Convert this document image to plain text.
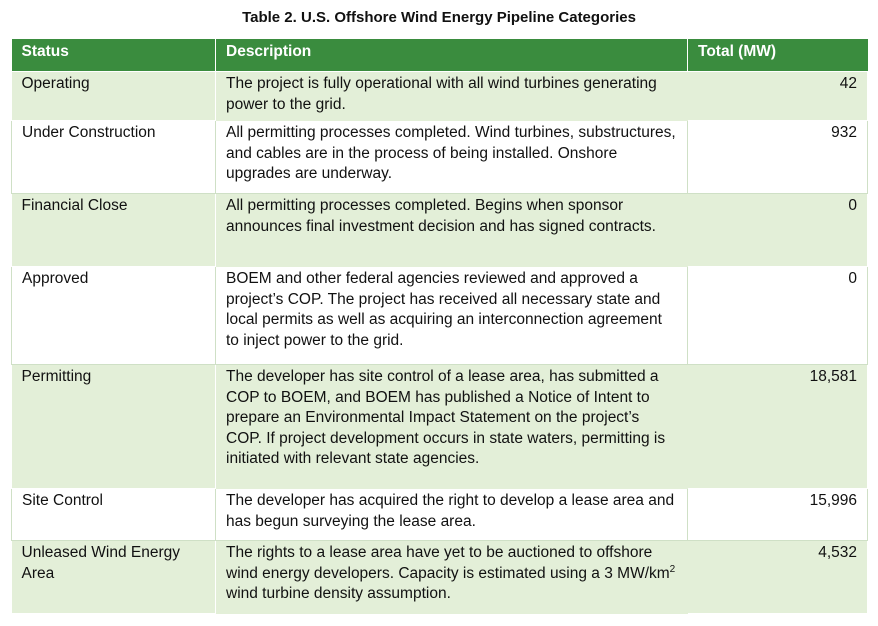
Table 2. U.S. Offshore Wind Energy Pipeline Categories
Status	Description	Total (MW)
Operating	The project is fully operational with all wind turbines generating power to the grid.	42
Under Construction	All permitting processes completed. Wind turbines, substructures, and cables are in the process of being installed. Onshore upgrades are underway.	932
Financial Close	All permitting processes completed. Begins when sponsor announces final investment decision and has signed contracts.	0
Approved	BOEM and other federal agencies reviewed and approved a project’s COP. The project has received all necessary state and local permits as well as acquiring an interconnection agreement to inject power to the grid.	0
Permitting	The developer has site control of a lease area, has submitted a COP to BOEM, and BOEM has published a Notice of Intent to prepare an Environmental Impact Statement on the project’s COP. If project development occurs in state waters, permitting is initiated with relevant state agencies.	18,581
Site Control	The developer has acquired the right to develop a lease area and has begun surveying the lease area.	15,996
Unleased Wind Energy Area	The rights to a lease area have yet to be auctioned to offshore wind energy developers. Capacity is estimated using a 3 $MW/km^2$ wind turbine density assumption.	4,532
